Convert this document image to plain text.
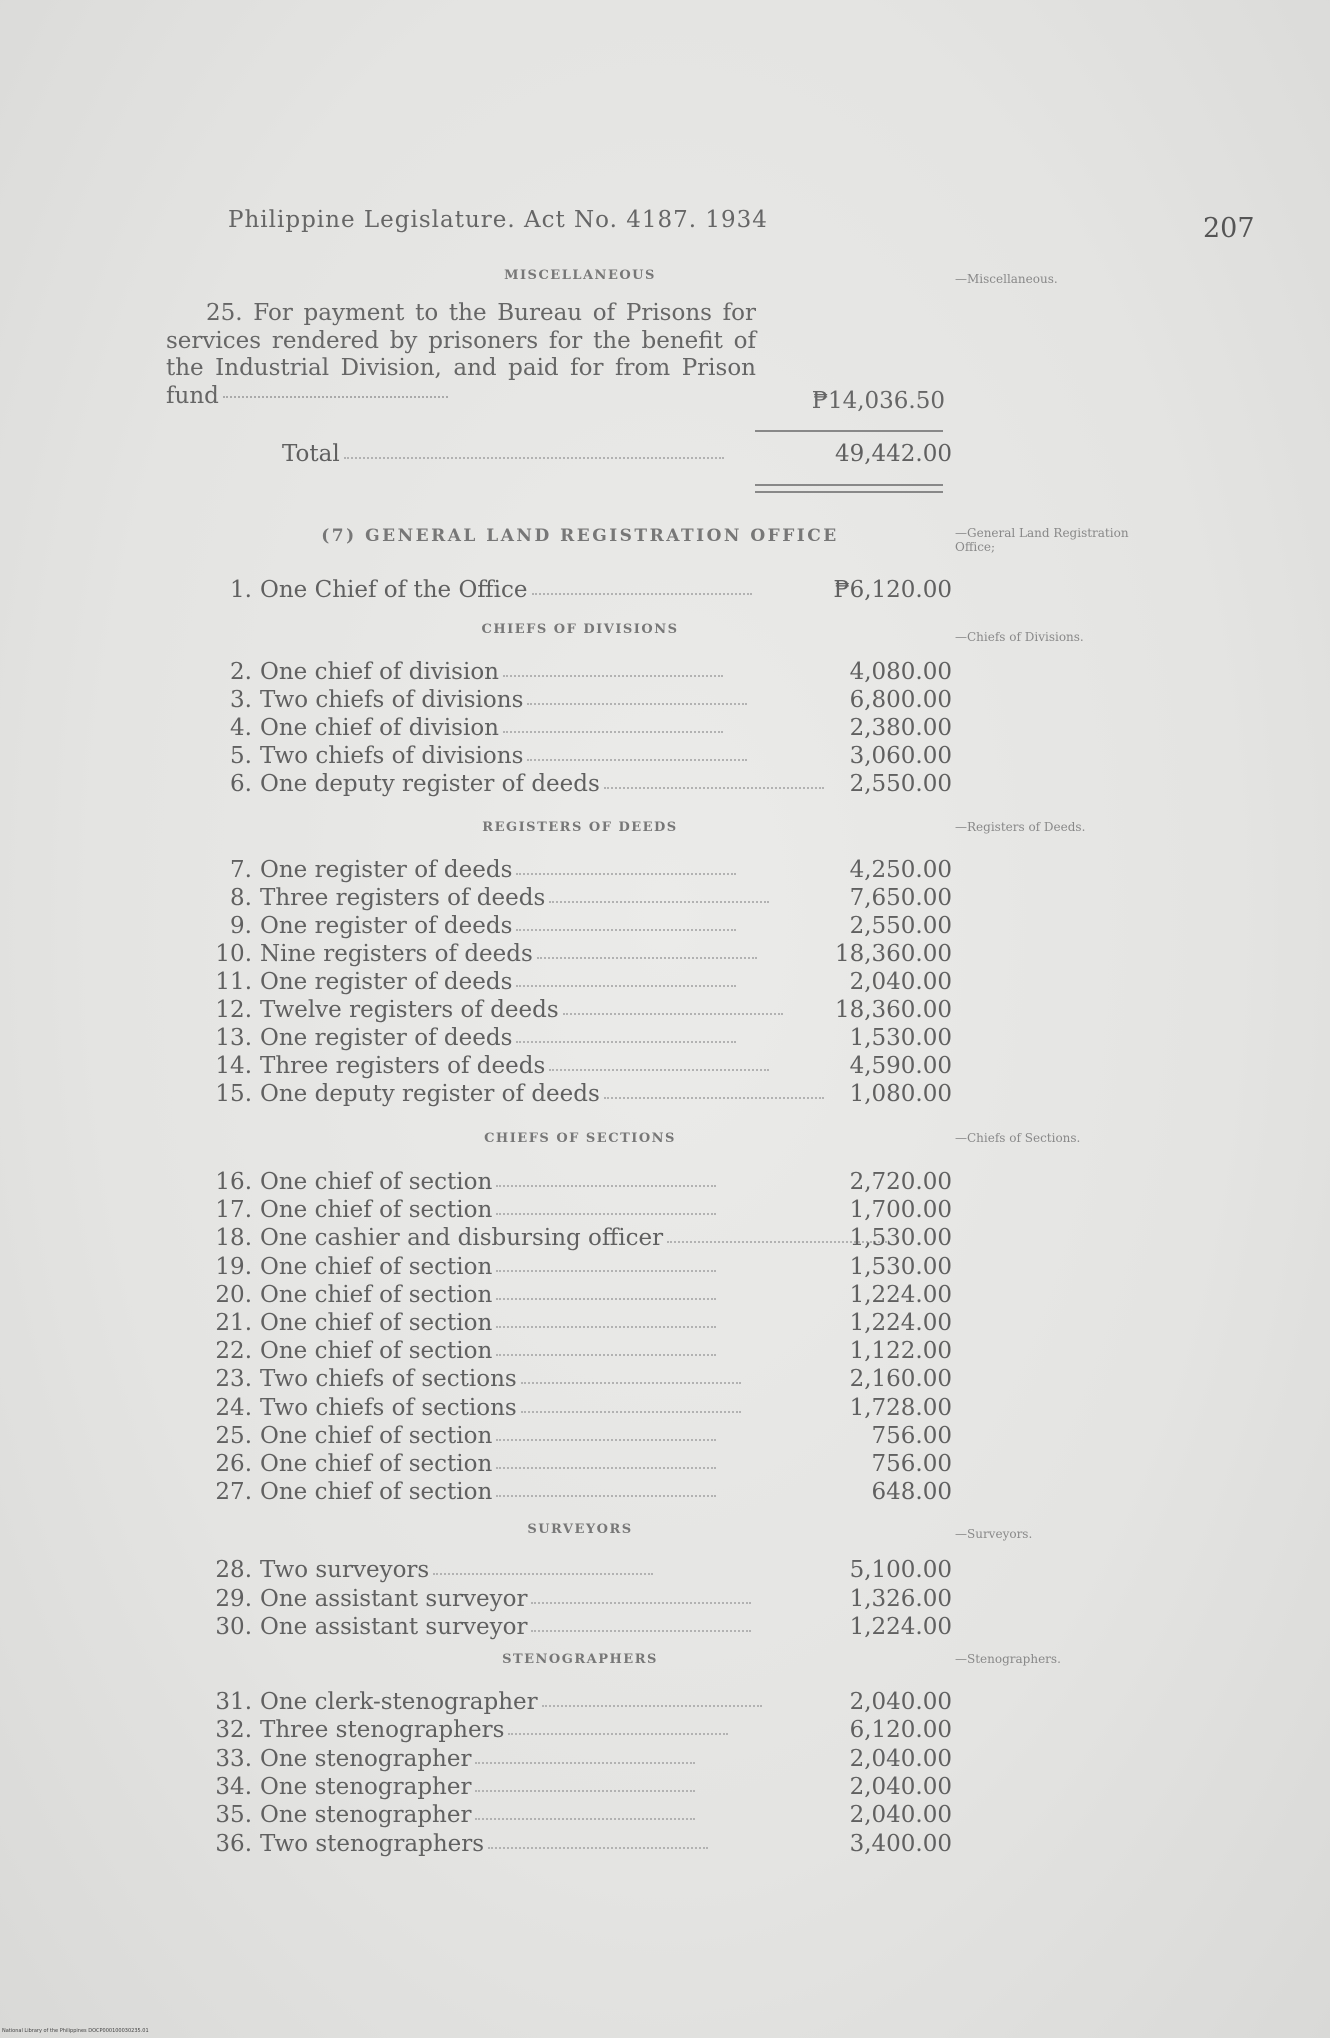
Philippine Legislature. Act No. 4187. 1934	207
MISCELLANEOUS	—Miscellaneous.
25. For payment to the Bureau of Prisons for services rendered by prisoners for the benefit of the Industrial Division, and paid for from Prison fund	₱14,036.50
Total	49,442.00
(7) GENERAL LAND REGISTRATION OFFICE	—General Land Registration Office;
1. One Chief of the Office	₱6,120.00
CHIEFS OF DIVISIONS	—Chiefs of Divisions.
2. One chief of division	4,080.00
3. Two chiefs of divisions	6,800.00
4. One chief of division	2,380.00
5. Two chiefs of divisions	3,060.00
6. One deputy register of deeds	2,550.00
REGISTERS OF DEEDS	—Registers of Deeds.
7. One register of deeds	4,250.00
8. Three registers of deeds	7,650.00
9. One register of deeds	2,550.00
10. Nine registers of deeds	18,360.00
11. One register of deeds	2,040.00
12. Twelve registers of deeds	18,360.00
13. One register of deeds	1,530.00
14. Three registers of deeds	4,590.00
15. One deputy register of deeds	1,080.00
CHIEFS OF SECTIONS	—Chiefs of Sections.
16. One chief of section	2,720.00
17. One chief of section	1,700.00
18. One cashier and disbursing officer	1,530.00
19. One chief of section	1,530.00
20. One chief of section	1,224.00
21. One chief of section	1,224.00
22. One chief of section	1,122.00
23. Two chiefs of sections	2,160.00
24. Two chiefs of sections	1,728.00
25. One chief of section	756.00
26. One chief of section	756.00
27. One chief of section	648.00
SURVEYORS	—Surveyors.
28. Two surveyors	5,100.00
29. One assistant surveyor	1,326.00
30. One assistant surveyor	1,224.00
STENOGRAPHERS	—Stenographers.
31. One clerk-stenographer	2,040.00
32. Three stenographers	6,120.00
33. One stenographer	2,040.00
34. One stenographer	2,040.00
35. One stenographer	2,040.00
36. Two stenographers	3,400.00
National Library of the Philippines DOCP000100030235.01
